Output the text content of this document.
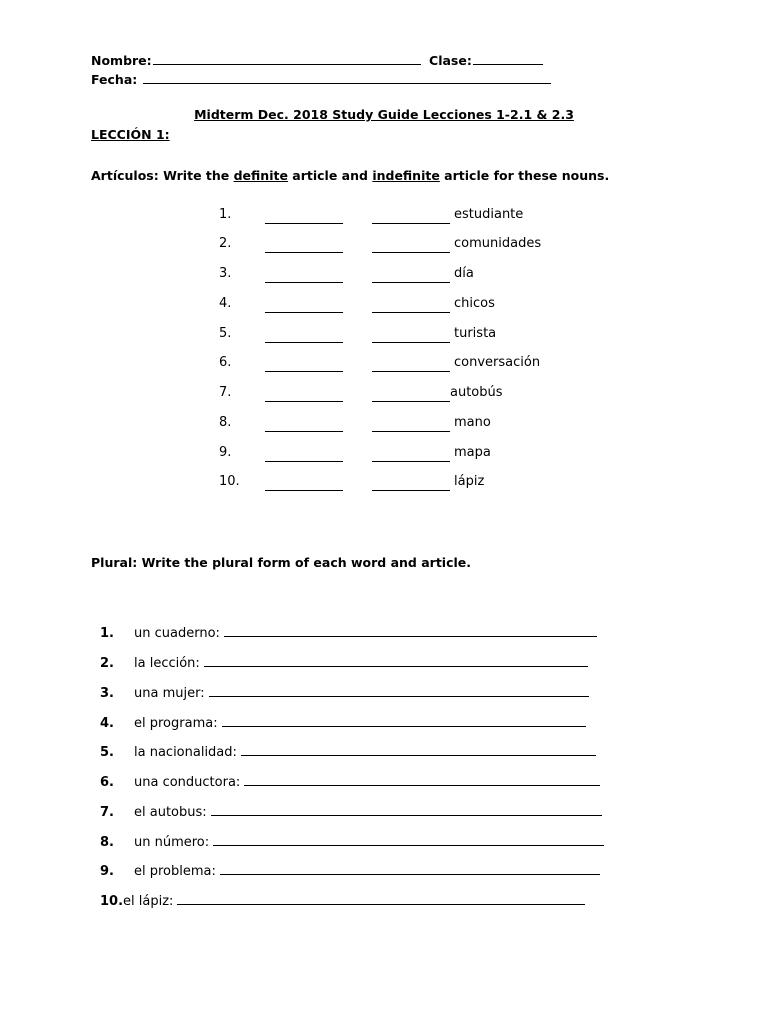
Nombre:	Clase:
Fecha:
Midterm Dec. 2018 Study Guide Lecciones 1-2.1 & 2.3
LECCIÓN 1:
Artículos: Write the definite article and indefinite article for these nouns.
1.	estudiante
2.	comunidades
3.	día
4.	chicos
5.	turista
6.	conversación
7.	autobús
8.	mano
9.	mapa
10.	lápiz
Plural: Write the plural form of each word and article.
1. un cuaderno:
2. la lección:
3. una mujer:
4. el programa:
5. la nacionalidad:
6. una conductora:
7. el autobus:
8. un número:
9. el problema:
10.el lápiz:
